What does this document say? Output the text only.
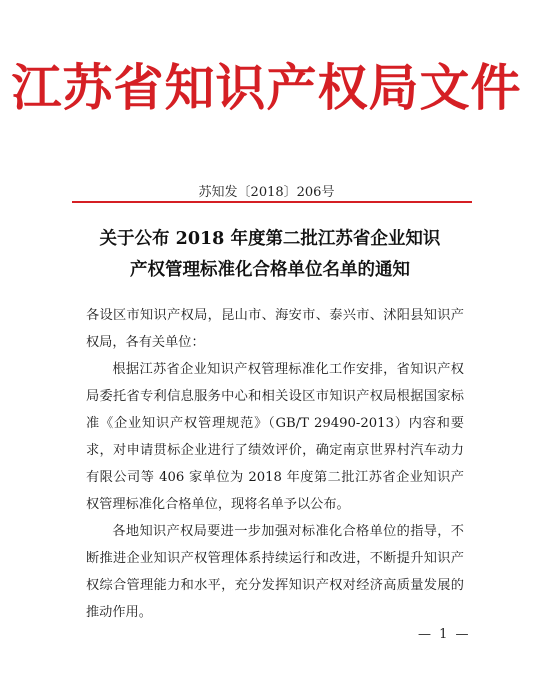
江苏省知识产权局文件
苏知发〔2018〕206号
关于公布 2018 年度第二批江苏省企业知识
产权管理标准化合格单位名单的通知

各设区市知识产权局，昆山市、海安市、泰兴市、沭阳县知识产权局，各有关单位：

根据江苏省企业知识产权管理标准化工作安排，省知识产权局委托省专利信息服务中心和相关设区市知识产权局根据国家标准《企业知识产权管理规范》（GB/T 29490-2013）内容和要求，对申请贯标企业进行了绩效评价，确定南京世界村汽车动力有限公司等 406 家单位为 2018 年度第二批江苏省企业知识产权管理标准化合格单位，现将名单予以公布。

各地知识产权局要进一步加强对标准化合格单位的指导，不断推进企业知识产权管理体系持续运行和改进，不断提升知识产权综合管理能力和水平，充分发挥知识产权对经济高质量发展的推动作用。

— 1 —
